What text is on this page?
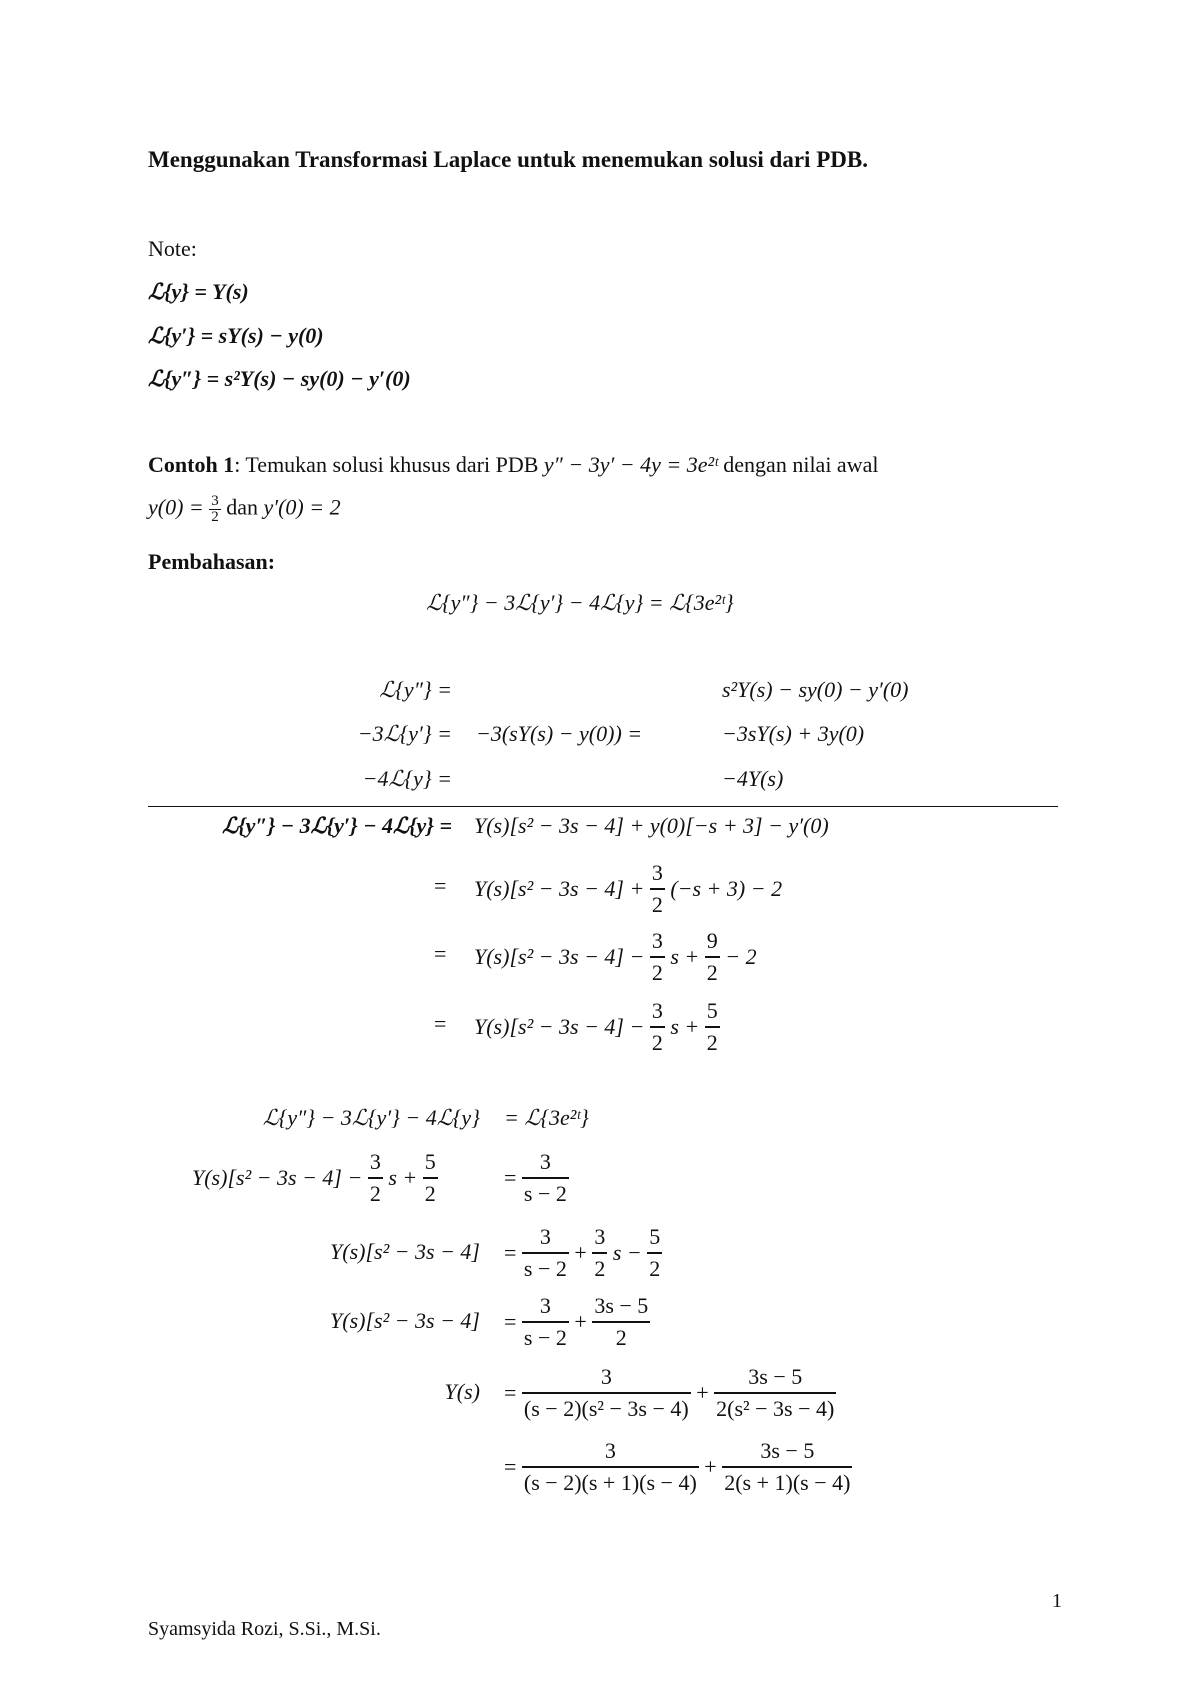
Menggunakan Transformasi Laplace untuk menemukan solusi dari PDB.
Note:
ℒ{y} = Y(s)
ℒ{y′} = sY(s) − y(0)
ℒ{y″} = s²Y(s) − sy(0) − y′(0)
Contoh 1: Temukan solusi khusus dari PDB y″ − 3y′ − 4y = 3e²ᵗ dengan nilai awal
$y(0) = \frac{3}{2}$ dan y′(0) = 2
Pembahasan:
ℒ{y″} − 3ℒ{y′} − 4ℒ{y} = ℒ{3e²ᵗ}
ℒ{y″} =	s²Y(s) − sy(0) − y′(0)
−3ℒ{y′} = −3(sY(s) − y(0)) =	−3sY(s) + 3y(0)
−4ℒ{y} =	−4Y(s)
ℒ{y″} − 3ℒ{y′} − 4ℒ{y} = Y(s)[s² − 3s − 4] + y(0)[−s + 3] − y′(0)
= $Y(s)[s^2 - 3s - 4] + \frac{3}{2} (-s + 3) - 2$
= $Y(s)[s^2 - 3s - 4] - \frac{3}{2}$ $s + \frac{9}{2} - 2$
= $Y(s)[s^2 - 3s - 4] - \frac{3}{2}$ $s + \frac{5}{2}$
ℒ{y″} − 3ℒ{y′} − 4ℒ{y} = ℒ{3e²ᵗ}
$Y(s)[s^2 - 3s - 4] - \frac{3}{2}$ $s + \frac{5}{2}$	= $\frac{3}{s - 2}$
$Y(s)[s^2 - 3s - 4] = \frac{3}{s - 2} + \frac{3}{2}$ $s - \frac{5}{2}$
$Y(s)[s^2 - 3s - 4] = \frac{3}{s - 2} + \frac{3s - 5}{2}$
$Y(s) = \frac{3}{\text{(s − 2)(s² − 3s − 4)}} + \frac{3s - 5}{\text{2(s² − 3s − 4)}}$
= $\frac{3}{(s - 2)(s + 1)(s - 4)} + \frac{3s - 5}{2(s + 1)(s - 4)}$
1
Syamsyida Rozi, S.Si., M.Si.
